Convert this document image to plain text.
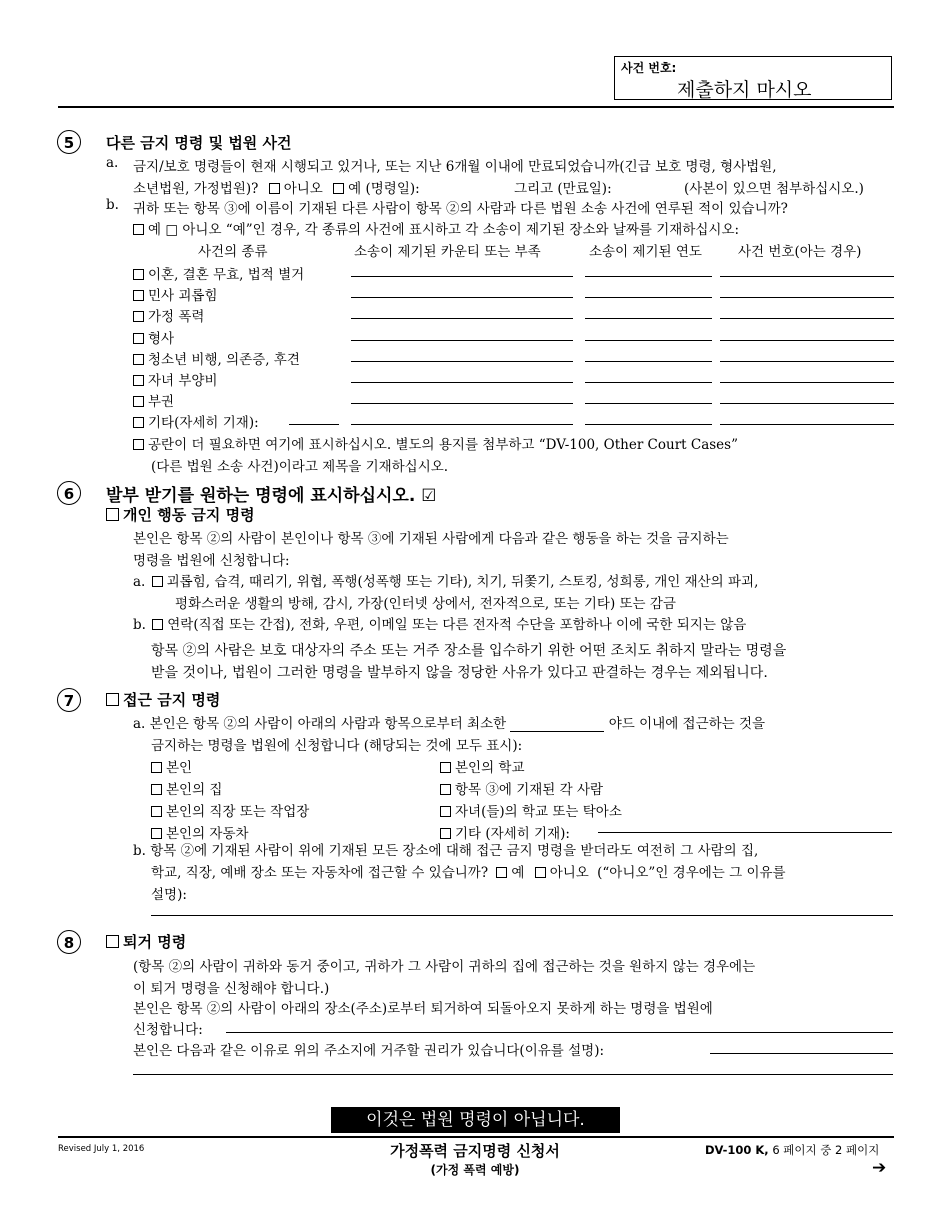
사건 번호:
제출하지 마시오
5	다른 금지 명령 및 법원 사건
a. 금지/보호 명령들이 현재 시행되고 있거나, 또는 지난 6개월 이내에 만료되었습니까(긴급 보호 명령, 형사법원,
소년법원, 가정법원)? 아니오 예 (명령일):	그리고 (만료일):	(사본이 있으면 첨부하십시오.)
b. 귀하 또는 항목 ③에 이름이 기재된 다른 사람이 항목 ②의 사람과 다른 법원 소송 사건에 연루된 적이 있습니까?
예 □ 아니오 “예”인 경우, 각 종류의 사건에 표시하고 각 소송이 제기된 장소와 날짜를 기재하십시오:
사건의 종류	소송이 제기된 카운티 또는 부족	소송이 제기된 연도	사건 번호(아는 경우)
이혼, 결혼 무효, 법적 별거
민사 괴롭힘
가정 폭력
형사
청소년 비행, 의존증, 후견
자녀 부양비
부권
기타(자세히 기재):
공란이 더 필요하면 여기에 표시하십시오. 별도의 용지를 첨부하고 “DV-100, Other Court Cases”
(다른 법원 소송 사건)이라고 제목을 기재하십시오.
6	발부 받기를 원하는 명령에 표시하십시오. ☑
개인 행동 금지 명령
본인은 항목 ②의 사람이 본인이나 항목 ③에 기재된 사람에게 다음과 같은 행동을 하는 것을 금지하는
명령을 법원에 신청합니다:
a. 괴롭힘, 습격, 때리기, 위협, 폭행(성폭행 또는 기타), 치기, 뒤쫓기, 스토킹, 성희롱, 개인 재산의 파괴,
평화스러운 생활의 방해, 감시, 가장(인터넷 상에서, 전자적으로, 또는 기타) 또는 감금
b. 연락(직접 또는 간접), 전화, 우편, 이메일 또는 다른 전자적 수단을 포함하나 이에 국한 되지는 않음
항목 ②의 사람은 보호 대상자의 주소 또는 거주 장소를 입수하기 위한 어떤 조치도 취하지 말라는 명령을
받을 것이나, 법원이 그러한 명령을 발부하지 않을 정당한 사유가 있다고 판결하는 경우는 제외됩니다.
7	접근 금지 명령
a. 본인은 항목 ②의 사람이 아래의 사람과 항목으로부터 최소한	야드 이내에 접근하는 것을
금지하는 명령을 법원에 신청합니다 (해당되는 것에 모두 표시):
본인
본인의 집
본인의 직장 또는 작업장
본인의 자동차
본인의 학교
항목 ③에 기재된 각 사람
자녀(들)의 학교 또는 탁아소
기타 (자세히 기재):
b. 항목 ②에 기재된 사람이 위에 기재된 모든 장소에 대해 접근 금지 명령을 받더라도 여전히 그 사람의 집,
학교, 직장, 예배 장소 또는 자동차에 접근할 수 있습니까? 예 아니오 (“아니오”인 경우에는 그 이유를
설명):
8	퇴거 명령
(항목 ②의 사람이 귀하와 동거 중이고, 귀하가 그 사람이 귀하의 집에 접근하는 것을 원하지 않는 경우에는
이 퇴거 명령을 신청해야 합니다.)
본인은 항목 ②의 사람이 아래의 장소(주소)로부터 퇴거하여 되돌아오지 못하게 하는 명령을 법원에
신청합니다:
본인은 다음과 같은 이유로 위의 주소지에 거주할 권리가 있습니다(이유를 설명):
이것은 법원 명령이 아닙니다.
Revised July 1, 2016	가정폭력 금지명령 신청서
(가정 폭력 예방)
DV-100 K, 6 페이지 중 2 페이지
➔
